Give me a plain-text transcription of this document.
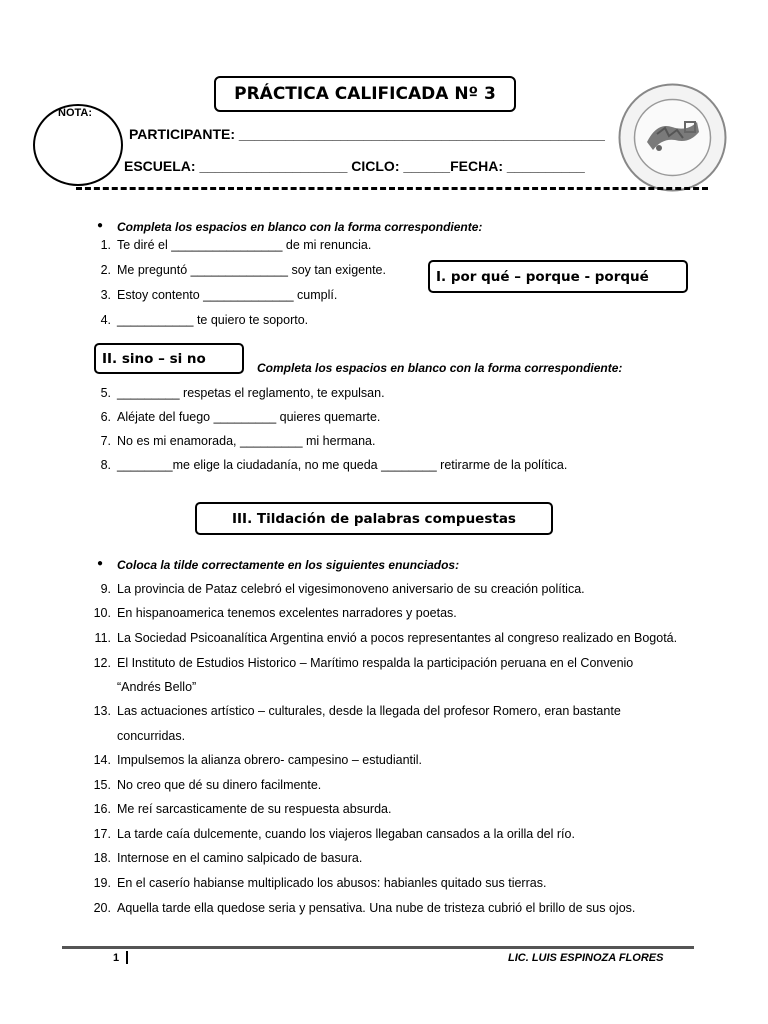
PRÁCTICA CALIFICADA Nº 3
NOTA:
PARTICIPANTE: _______________________________________________
ESCUELA: ___________________ CICLO: ______FECHA: __________
● Completa los espacios en blanco con la forma correspondiente:
I. por qué – porque - porqué
1. Te diré el ________________ de mi renuncia.
2. Me preguntó ______________ soy tan exigente.
3. Estoy contento _____________ cumplí.
4. ___________ te quiero te soporto.
II. sino – si no
Completa los espacios en blanco con la forma correspondiente:
5. _________ respetas el reglamento, te expulsan.
6. Aléjate del fuego _________ quieres quemarte.
7. No es mi enamorada, _________ mi hermana.
8. ________me elige la ciudadanía, no me queda ________ retirarme de la política.
III. Tildación de palabras compuestas
● Coloca la tilde correctamente en los siguientes enunciados:
9. La provincia de Pataz celebró el vigesimonoveno aniversario de su creación política.
10. En hispanoamerica tenemos excelentes narradores y poetas.
11. La Sociedad Psicoanalítica Argentina envió a pocos representantes al congreso realizado en Bogotá.
12. El Instituto de Estudios Historico – Marítimo respalda la participación peruana en el Convenio
“Andrés Bello”
13. Las actuaciones artístico – culturales, desde la llegada del profesor Romero, eran bastante
concurridas.
14. Impulsemos la alianza obrero- campesino – estudiantil.
15. No creo que dé su dinero facilmente.
16. Me reí sarcasticamente de su respuesta absurda.
17. La tarde caía dulcemente, cuando los viajeros llegaban cansados a la orilla del río.
18. Internose en el camino salpicado de basura.
19. En el caserío habianse multiplicado los abusos: habianles quitado sus tierras.
20. Aquella tarde ella quedose seria y pensativa. Una nube de tristeza cubrió el brillo de sus ojos.
1	LIC. LUIS ESPINOZA FLORES
